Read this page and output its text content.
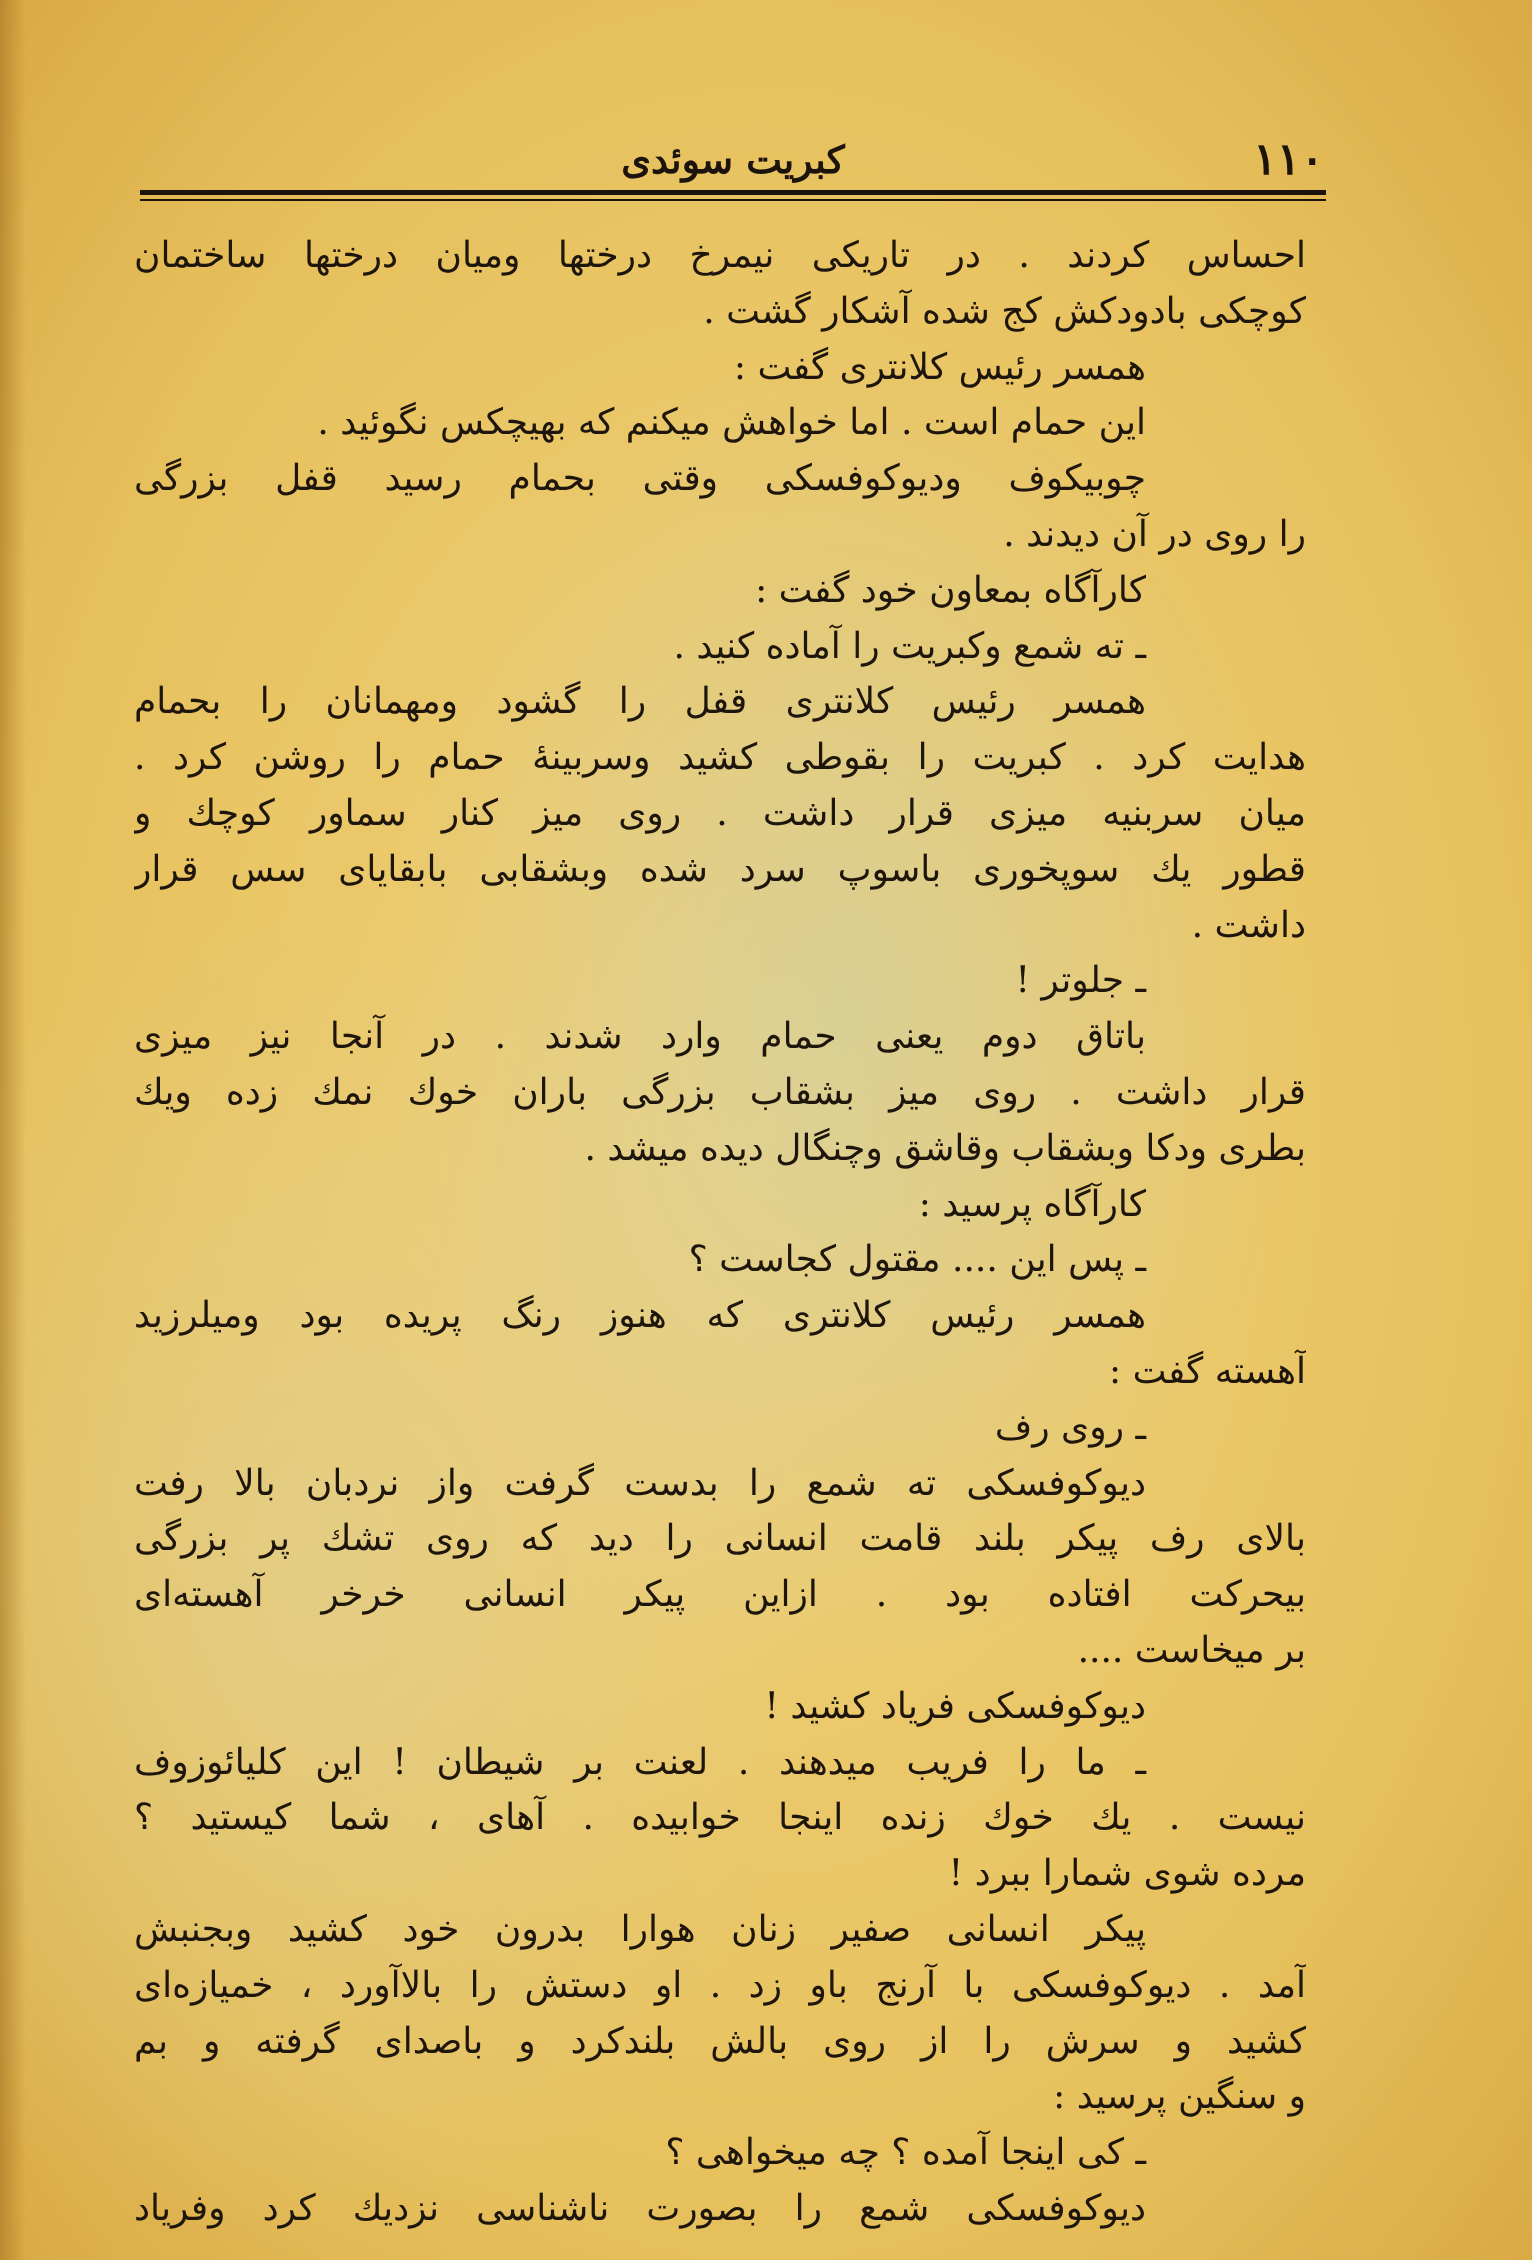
۱۱۰
کبریت سوئدی
احساس کردند . در تاریکی نیمرخ درختها ومیان درختها ساختمان
کوچکی بادودکش کج شده آشکار گشت .
همسر رئیس کلانتری گفت :
این حمام است . اما خواهش میکنم که بهیچکس نگوئید .
چوبیکوف ودیوکوفسکی وقتی بحمام رسید قفل بزرگی
را روی در آن دیدند .
کارآگاه بمعاون خود گفت :
ـ ته شمع وکبریت را آماده کنید .
همسر رئیس کلانتری قفل را گشود ومهمانان را بحمام
هدایت کرد . کبریت را بقوطی کشید وسربینهٔ حمام را روشن کرد .
میان سربنیه میزی قرار داشت . روی میز کنار سماور کوچك و
قطور یك سوپخوری باسوپ سرد شده وبشقابی بابقایای سس قرار
داشت .
ـ جلوتر !
باتاق دوم یعنی حمام وارد شدند . در آنجا نیز میزی
قرار داشت . روی میز بشقاب بزرگی باران خوك نمك زده ویك
بطری ودکا وبشقاب وقاشق وچنگال دیده میشد .
کارآگاه پرسید :
ـ پس این .... مقتول کجاست ؟
همسر رئیس کلانتری که هنوز رنگ پریده بود ومیلرزید
آهسته گفت :
ـ روی رف
دیوکوفسکی ته شمع را بدست گرفت واز نردبان بالا رفت
بالای رف پیکر بلند قامت انسانی را دید که روی تشك پر بزرگی
بیحرکت افتاده بود . ازاین پیکر انسانی خرخر آهسته‌ای
بر میخاست ....
دیوکوفسکی فریاد کشید !
ـ ما را فریب میدهند . لعنت بر شیطان ! این کلیائوزوف
نیست . یك خوك زنده اینجا خوابیده . آهای ، شما کیستید ؟
مرده شوی شمارا ببرد !
پیکر انسانی صفیر زنان هوارا بدرون خود کشید وبجنبش
آمد . دیوکوفسکی با آرنج باو زد . او دستش را بالاآورد ، خمیازه‌ای
کشید و سرش را از روی بالش بلندکرد و باصدای گرفته و بم
و سنگین پرسید :
ـ کی اینجا آمده ؟ چه میخواهی ؟
دیوکوفسکی شمع را بصورت ناشناسی نزدیك کرد وفریاد
